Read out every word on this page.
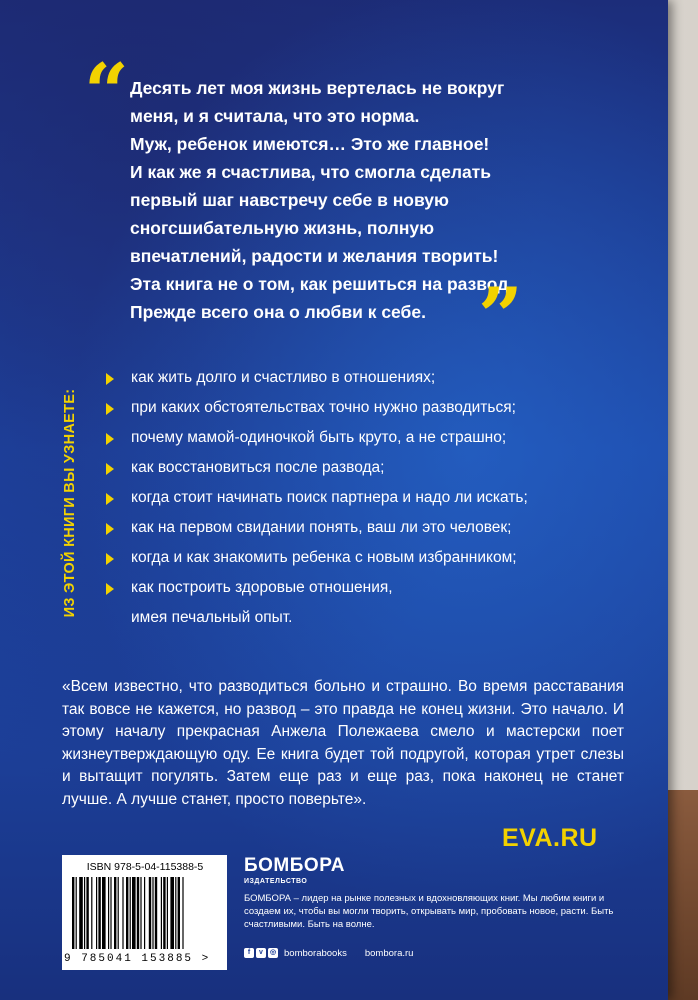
“ Десять лет моя жизнь вертелась не вокруг
меня, и я считала, что это норма.
Муж, ребенок имеются… Это же главное!
И как же я счастлива, что смогла сделать
первый шаг навстречу себе в новую
сногсшибательную жизнь, полную
впечатлений, радости и желания творить!
Эта книга не о том, как решиться на развод.
Прежде всего она о любви к себе. ”
ИЗ ЭТОЙ КНИГИ ВЫ УЗНАЕТЕ:
как жить долго и счастливо в отношениях;
при каких обстоятельствах точно нужно разводиться;
почему мамой-одиночкой быть круто, а не страшно;
как восстановиться после развода;
когда стоит начинать поиск партнера и надо ли искать;
как на первом свидании понять, ваш ли это человек;
когда и как знакомить ребенка с новым избранником;
как построить здоровые отношения,
имея печальный опыт.
«Всем известно, что разводиться больно и страшно. Во время расставания так вовсе не кажется, но развод – это правда не конец жизни. Это начало. И этому началу прекрасная Анжела Полежаева смело и мастерски поет жизнеутверждающую оду. Ее книга будет той подругой, которая утрет слезы и вытащит погулять. Затем еще раз и еще раз, пока наконец не станет лучше. А лучше станет, просто поверьте».
EVA.RU
ISBN 978-5-04-115388-5
9 785041 153885 >
БОМБОРА
ИЗДАТЕЛЬСТВО
БОМБОРА – лидер на рынке полезных и вдохновляющих книг. Мы любим книги и создаем их, чтобы вы могли творить, открывать мир, пробовать новое, расти. Быть счастливыми. Быть на волне.
f	v ◎ bomborabooks bombora.ru
